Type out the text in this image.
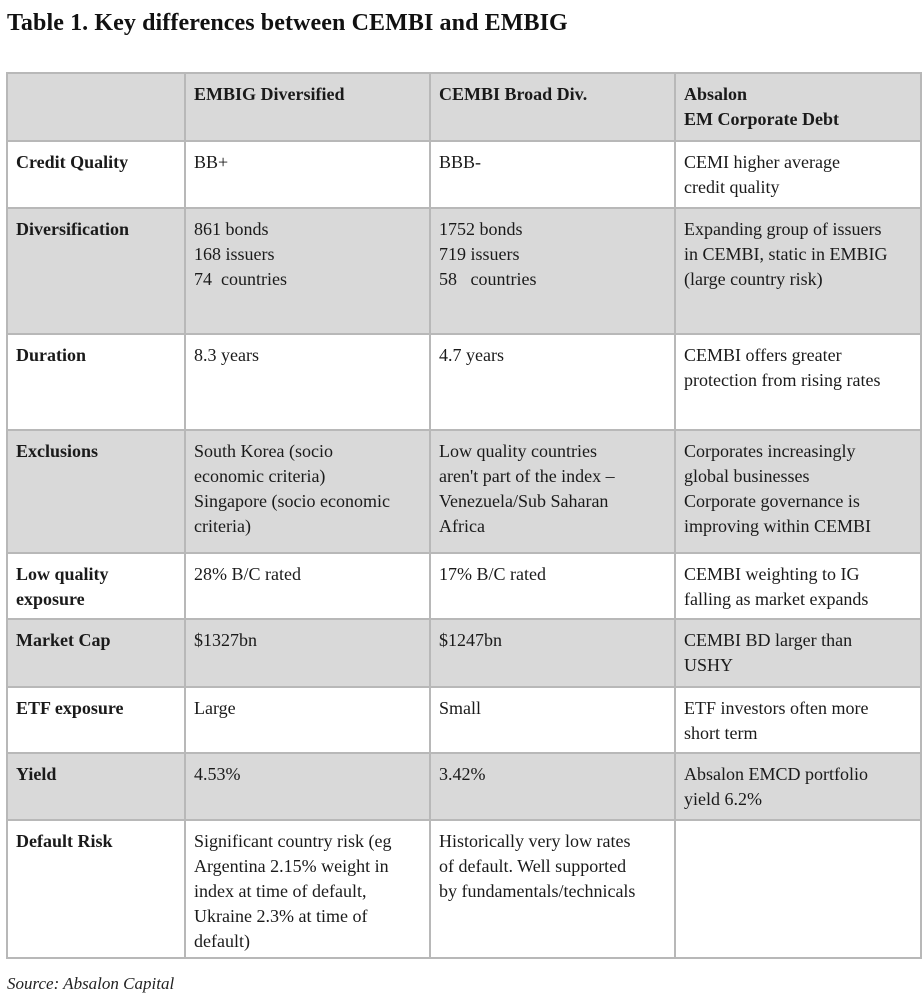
Table 1. Key differences between CEMBI and EMBIG

	EMBIG Diversified	CEMBI Broad Div.	Absalon
EM Corporate Debt

Credit Quality	BB+	BBB-	CEMI higher average
credit quality

Diversification	861 bonds
168 issuers
74  countries	1752 bonds
719 issuers
58   countries	Expanding group of issuers
in CEMBI, static in EMBIG
(large country risk)

Duration	8.3 years	4.7 years	CEMBI offers greater
protection from rising rates

Exclusions	South Korea (socio
economic criteria)
Singapore (socio economic
criteria)	Low quality countries
aren't part of the index –
Venezuela/Sub Saharan
Africa	Corporates increasingly
global businesses
Corporate governance is
improving within CEMBI

Low quality
exposure	28% B/C rated	17% B/C rated	CEMBI weighting to IG
falling as market expands

Market Cap	$1327bn	$1247bn	CEMBI BD larger than
USHY

ETF exposure	Large	Small	ETF investors often more
short term

Yield	4.53%	3.42%	Absalon EMCD portfolio
yield 6.2%

Default Risk	Significant country risk (eg
Argentina 2.15% weight in
index at time of default,
Ukraine 2.3% at time of
default)	Historically very low rates
of default. Well supported
by fundamentals/technicals	

Source: Absalon Capital
